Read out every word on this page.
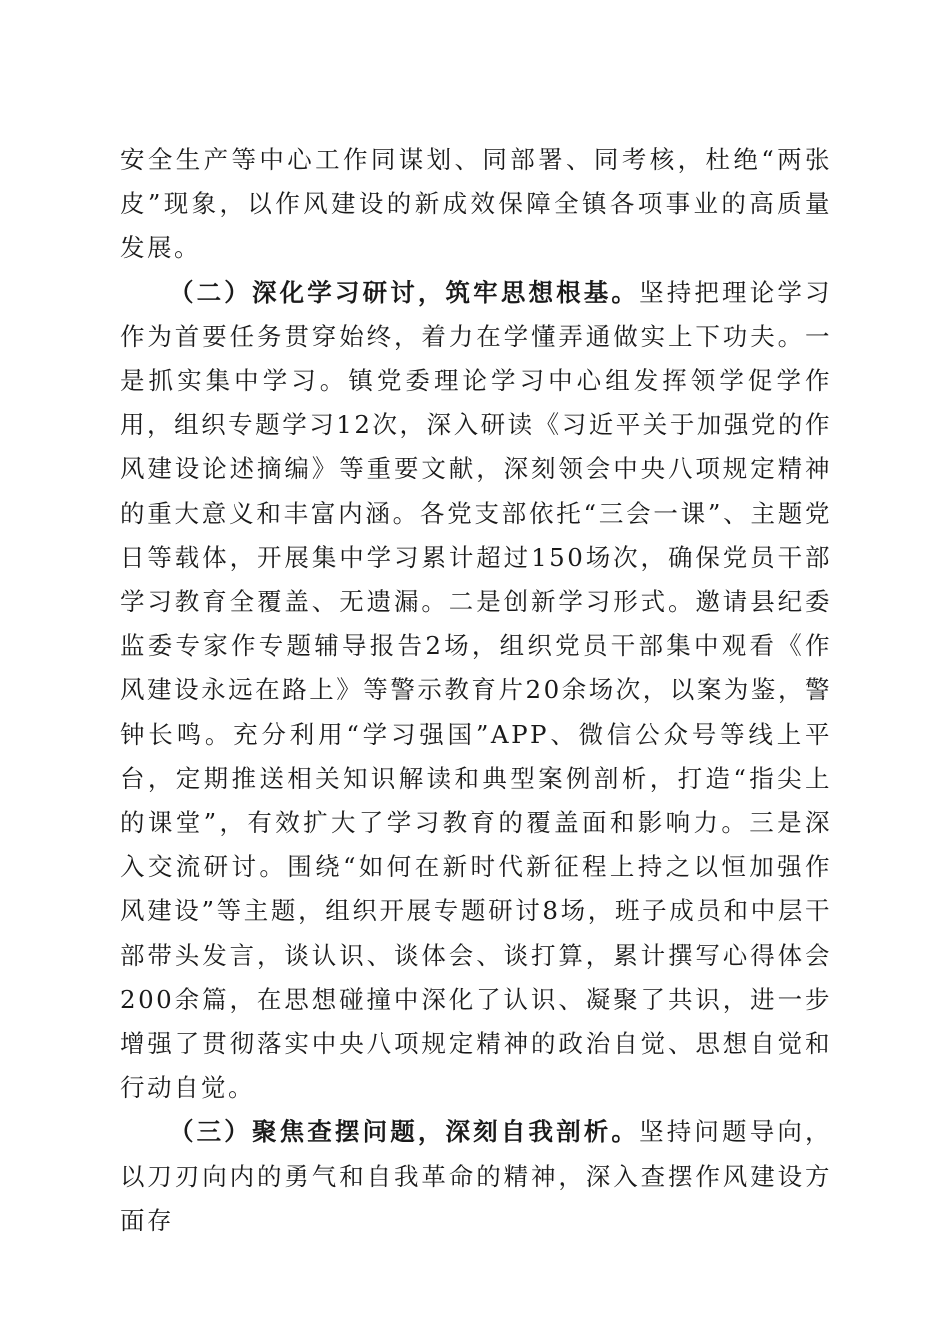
安全生产等中心工作同谋划、同部署、同考核，杜绝“两张皮”现象，以作风建设的新成效保障全镇各项事业的高质量发展。

（二）深化学习研讨，筑牢思想根基。坚持把理论学习作为首要任务贯穿始终，着力在学懂弄通做实上下功夫。一是抓实集中学习。镇党委理论学习中心组发挥领学促学作用，组织专题学习12次，深入研读《习近平关于加强党的作风建设论述摘编》等重要文献，深刻领会中央八项规定精神的重大意义和丰富内涵。各党支部依托“三会一课”、主题党日等载体，开展集中学习累计超过150场次，确保党员干部学习教育全覆盖、无遗漏。二是创新学习形式。邀请县纪委监委专家作专题辅导报告2场，组织党员干部集中观看《作风建设永远在路上》等警示教育片20余场次，以案为鉴，警钟长鸣。充分利用“学习强国”APP、微信公众号等线上平台，定期推送相关知识解读和典型案例剖析，打造“指尖上的课堂”，有效扩大了学习教育的覆盖面和影响力。三是深入交流研讨。围绕“如何在新时代新征程上持之以恒加强作风建设”等主题，组织开展专题研讨8场，班子成员和中层干部带头发言，谈认识、谈体会、谈打算，累计撰写心得体会200余篇，在思想碰撞中深化了认识、凝聚了共识，进一步增强了贯彻落实中央八项规定精神的政治自觉、思想自觉和行动自觉。

（三）聚焦查摆问题，深刻自我剖析。坚持问题导向，以刀刃向内的勇气和自我革命的精神，深入查摆作风建设方面存
